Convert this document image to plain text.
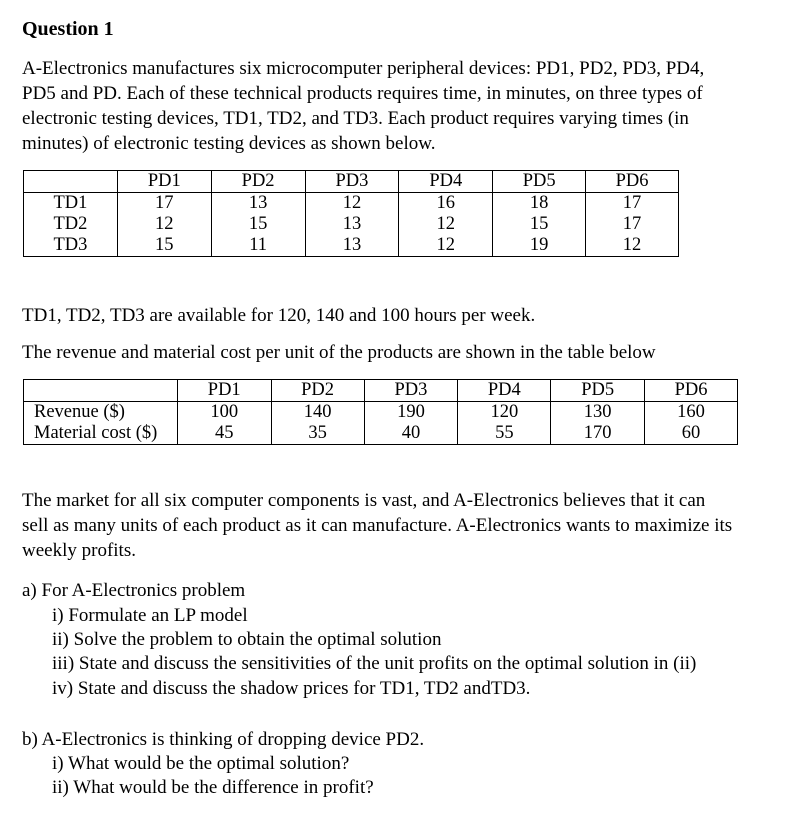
Question 1
A-Electronics manufactures six microcomputer peripheral devices: PD1, PD2, PD3, PD4,
PD5 and PD. Each of these technical products requires time, in minutes, on three types of
electronic testing devices, TD1, TD2, and TD3. Each product requires varying times (in
minutes) of electronic testing devices as shown below.
	PD1	PD2	PD3	PD4	PD5	PD6
TD1	17	13	12	16	18	17
TD2	12	15	13	12	15	17
TD3	15	11	13	12	19	12
TD1, TD2, TD3 are available for 120, 140 and 100 hours per week.
The revenue and material cost per unit of the products are shown in the table below
	PD1	PD2	PD3	PD4	PD5	PD6
Revenue ($)	100	140	190	120	130	160
Material cost ($)	45	35	40	55	170	60
The market for all six computer components is vast, and A-Electronics believes that it can
sell as many units of each product as it can manufacture. A-Electronics wants to maximize its
weekly profits.
a) For A-Electronics problem
i) Formulate an LP model
ii) Solve the problem to obtain the optimal solution
iii) State and discuss the sensitivities of the unit profits on the optimal solution in (ii)
iv) State and discuss the shadow prices for TD1, TD2 andTD3.
b) A-Electronics is thinking of dropping device PD2.
i) What would be the optimal solution?
ii) What would be the difference in profit?
